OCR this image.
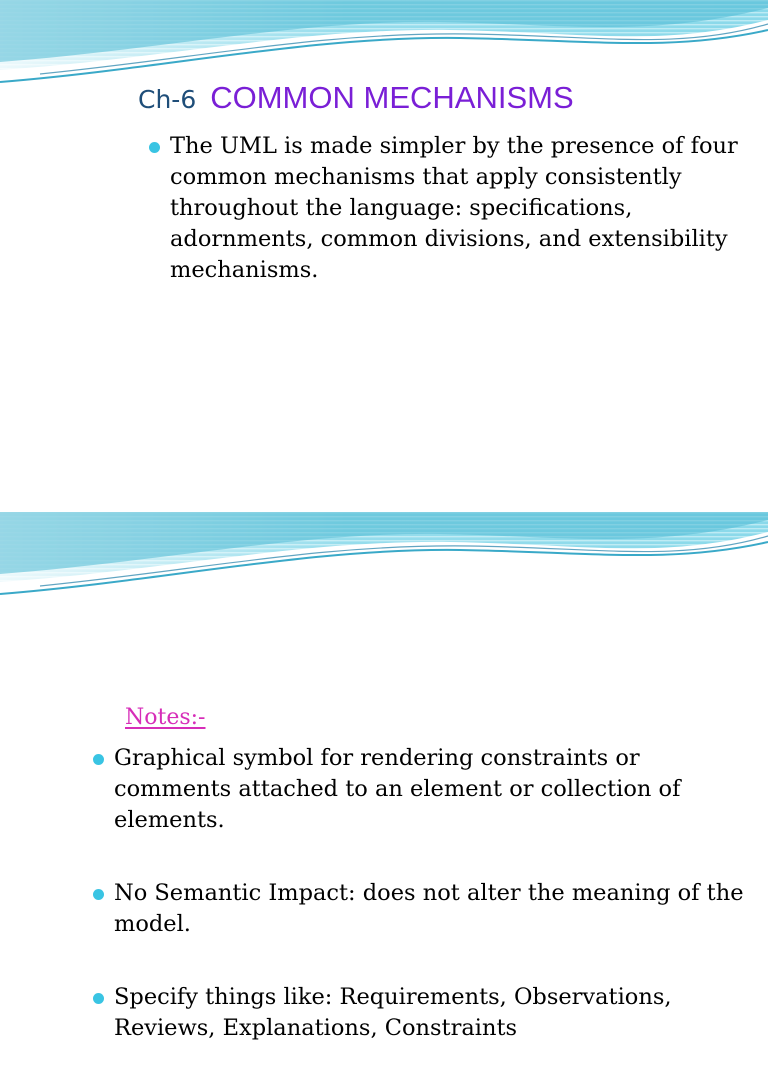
Ch-6 COMMON MECHANISMS
The UML is made simpler by the presence of four common mechanisms that apply consistently throughout the language: specifications, adornments, common divisions, and extensibility mechanisms.

Notes:-

Graphical symbol for rendering constraints or comments attached to an element or collection of elements.
No Semantic Impact: does not alter the meaning of the model.
Specify things like: Requirements, Observations, Reviews, Explanations, Constraints
